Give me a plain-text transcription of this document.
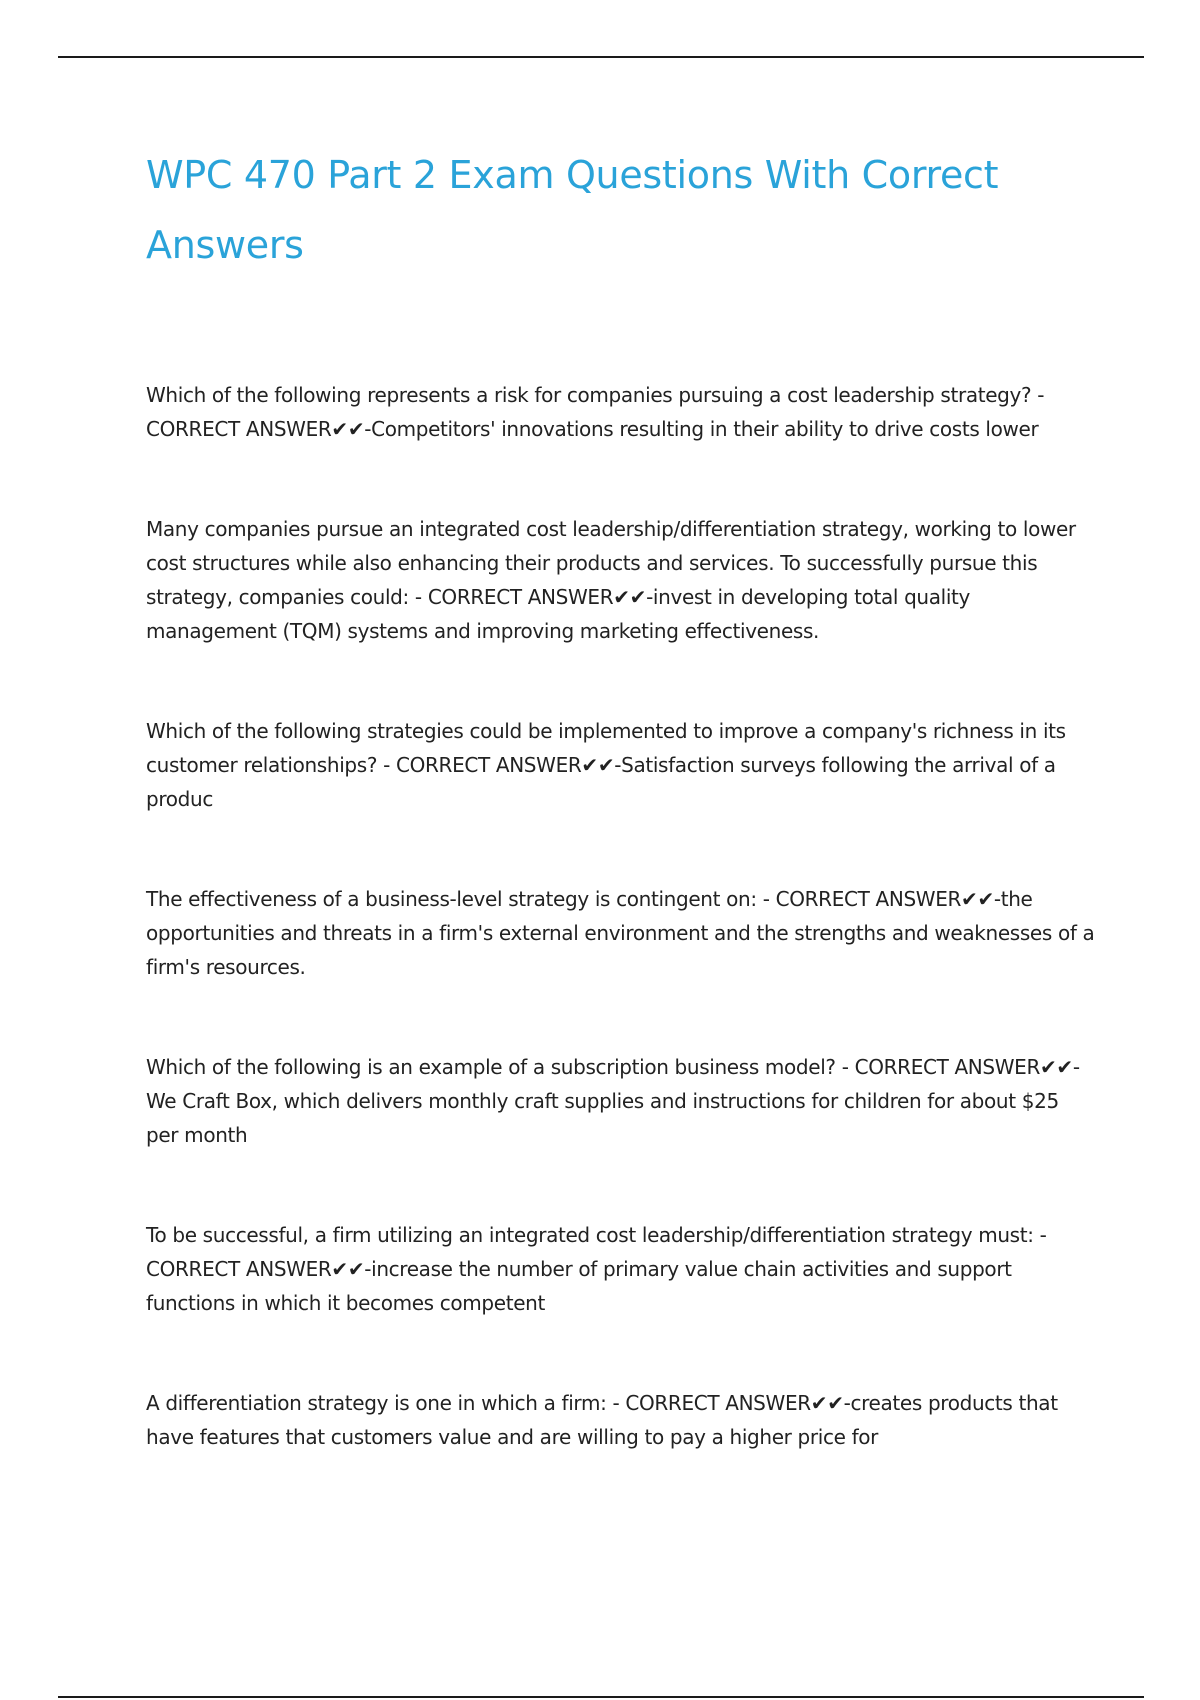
WPC 470 Part 2 Exam Questions With Correct Answers

Which of the following represents a risk for companies pursuing a cost leadership strategy? - CORRECT ANSWER✔✔-Competitors' innovations resulting in their ability to drive costs lower

Many companies pursue an integrated cost leadership/differentiation strategy, working to lower cost structures while also enhancing their products and services. To successfully pursue this strategy, companies could: - CORRECT ANSWER✔✔-invest in developing total quality management (TQM) systems and improving marketing effectiveness.

Which of the following strategies could be implemented to improve a company's richness in its customer relationships? - CORRECT ANSWER✔✔-Satisfaction surveys following the arrival of a produc

The effectiveness of a business-level strategy is contingent on: - CORRECT ANSWER✔✔-the opportunities and threats in a firm's external environment and the strengths and weaknesses of a firm's resources.

Which of the following is an example of a subscription business model? - CORRECT ANSWER✔✔-We Craft Box, which delivers monthly craft supplies and instructions for children for about $25 per month

To be successful, a firm utilizing an integrated cost leadership/differentiation strategy must: - CORRECT ANSWER✔✔-increase the number of primary value chain activities and support functions in which it becomes competent

A differentiation strategy is one in which a firm: - CORRECT ANSWER✔✔-creates products that have features that customers value and are willing to pay a higher price for
